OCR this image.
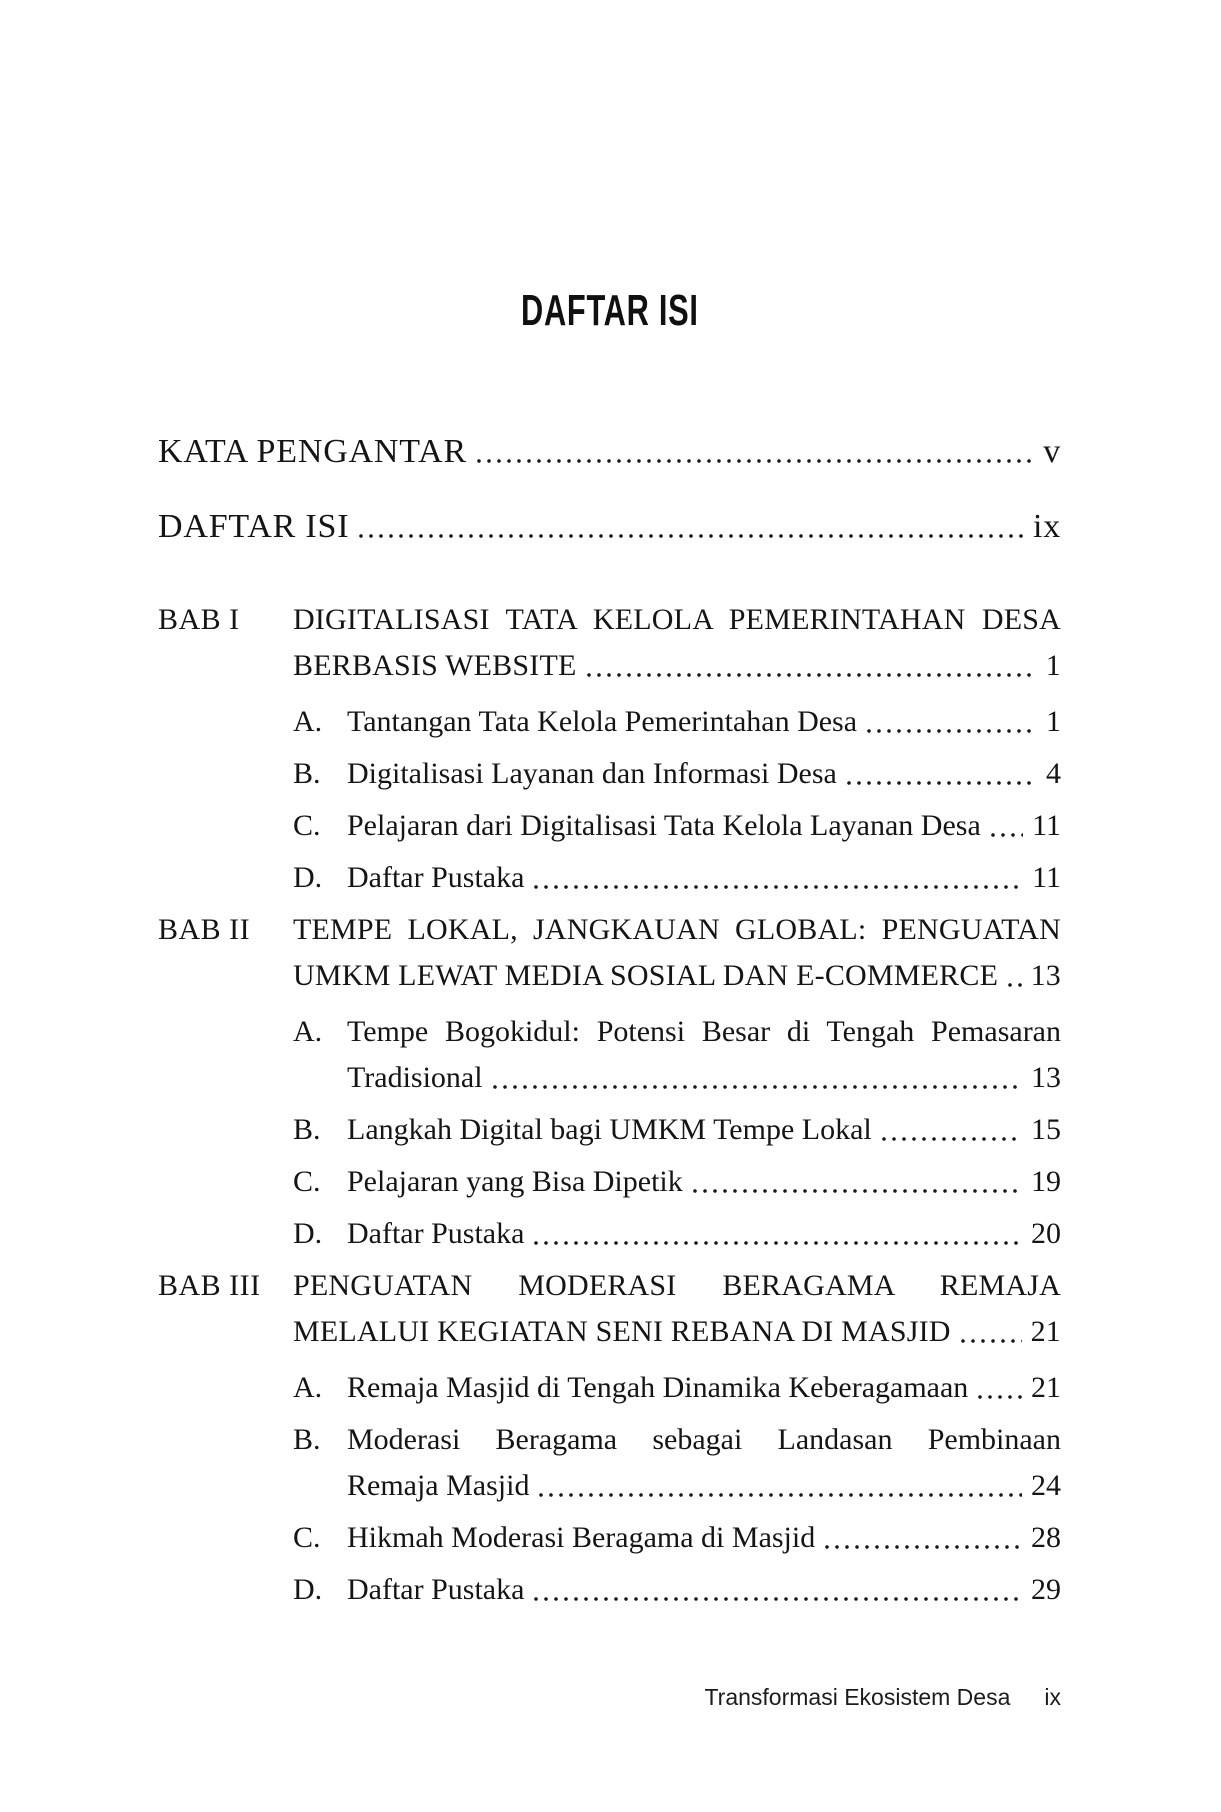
DAFTAR ISI
KATA PENGANTAR	v
DAFTAR ISI	ix
BAB I	DIGITALISASI TATA KELOLA PEMERINTAHAN DESA
BERBASIS WEBSITE	1
A. Tantangan Tata Kelola Pemerintahan Desa	1
B. Digitalisasi Layanan dan Informasi Desa	4
C. Pelajaran dari Digitalisasi Tata Kelola Layanan Desa 11
D. Daftar Pustaka	11
BAB II	TEMPE LOKAL, JANGKAUAN GLOBAL: PENGUATAN
UMKM LEWAT MEDIA SOSIAL DAN E-COMMERCE 13
A. Tempe Bogokidul: Potensi Besar di Tengah Pemasaran
Tradisional	13
B. Langkah Digital bagi UMKM Tempe Lokal	15
C. Pelajaran yang Bisa Dipetik	19
D. Daftar Pustaka	20
BAB III	PENGUATAN MODERASI BERAGAMA REMAJA
MELALUI KEGIATAN SENI REBANA DI MASJID	21
A. Remaja Masjid di Tengah Dinamika Keberagamaan 21
B. Moderasi Beragama sebagai Landasan Pembinaan
Remaja Masjid	24
C. Hikmah Moderasi Beragama di Masjid	28
D. Daftar Pustaka	29
Transformasi Ekosistem Desa ix
